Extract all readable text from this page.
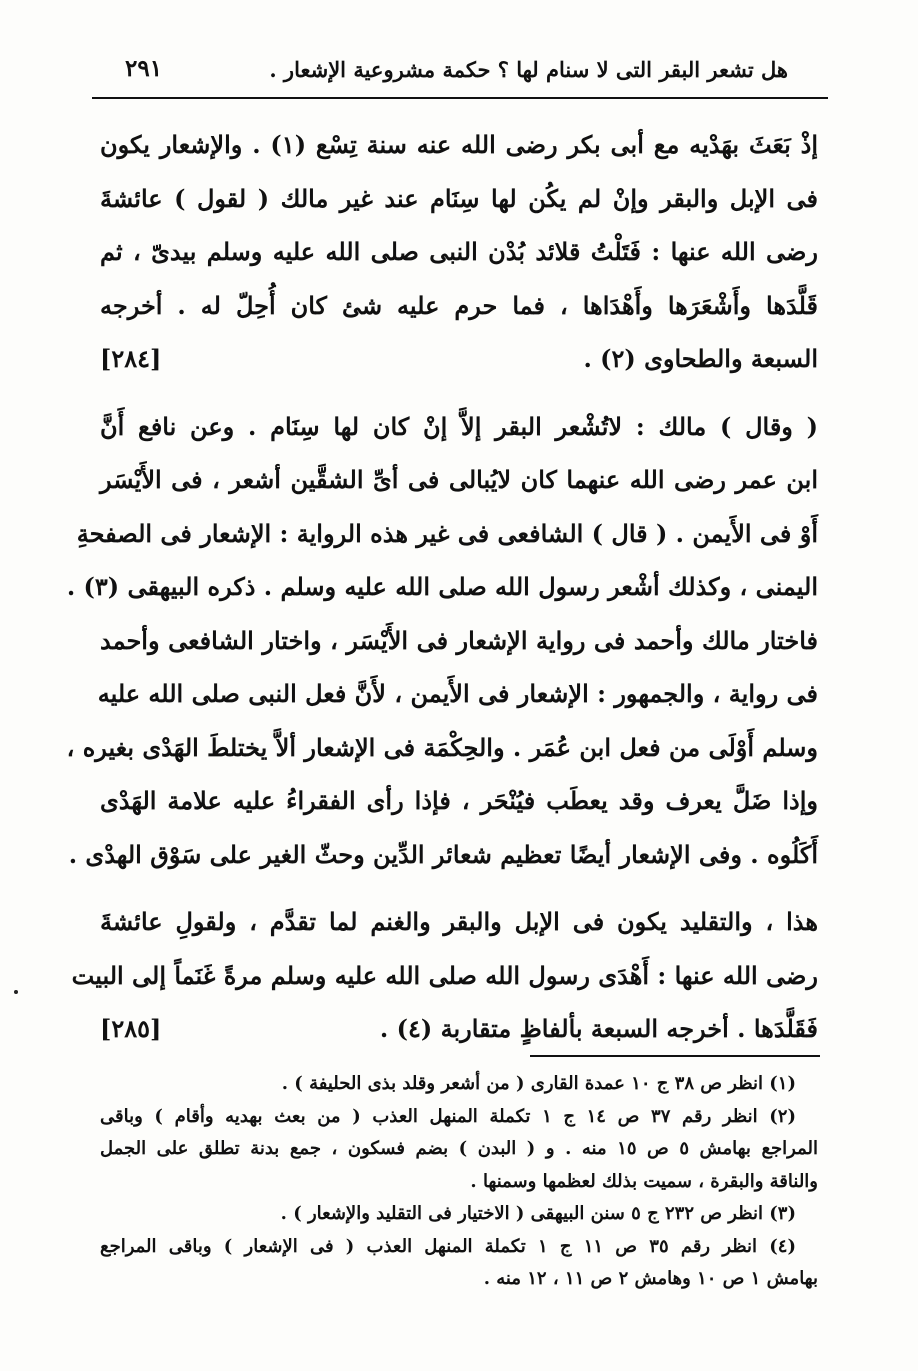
هل تشعر البقر التى لا سنام لها ؟ حكمة مشروعية الإشعار .
٢٩١

إذْ بَعَثَ بهَدْيه مع أبى بكر رضى الله عنه سنة تِسْع (١) . والإشعار يكون
فى الإبل والبقر وإنْ لم يكُن لها سِنَام عند غير مالك ( لقول ) عائشةَ
رضى الله عنها : فَتَلْتُ قلائد بُدْن النبى صلى الله عليه وسلم بيدىّ ، ثم
قَلَّدَها وأَشْعَرَها وأَهْدَاها ، فما حرم عليه شئ كان أُحِلّ له . أخرجه
السبعة والطحاوى (٢) .
[٢٨٤]

( وقال ) مالك : لاتُشْعر البقر إلاَّ إنْ كان لها سِنَام . وعن نافع أَنَّ
ابن عمر رضى الله عنهما كان لايُبالى فى أىِّ الشقَّين أشعر ، فى الأَيْسَر
أَوْ فى الأَيمن . ( قال ) الشافعى فى غير هذه الرواية : الإشعار فى الصفحةِ
اليمنى ، وكذلك أشْعر رسول الله صلى الله عليه وسلم . ذكره البيهقى (٣) .
فاختار مالك وأحمد فى رواية الإشعار فى الأَيْسَر ، واختار الشافعى وأحمد
فى رواية ، والجمهور : الإشعار فى الأَيمن ، لأَنَّ فعل النبى صلى الله عليه
وسلم أَوْلَى من فعل ابن عُمَر . والحِكْمَة فى الإشعار ألاَّ يختلطَ الهَدْى بغيره ،
وإذا ضَلَّ يعرف وقد يعطَب فيُنْحَر ، فإذا رأى الفقراءُ عليه علامة الهَدْى
أَكَلُوه . وفى الإشعار أيضًا تعظيم شعائر الدِّين وحثّ الغير على سَوْق الهدْى .

هذا ، والتقليد يكون فى الإبل والبقر والغنم لما تقدَّم ، ولقولِ عائشةَ
رضى الله عنها : أَهْدَى رسول الله صلى الله عليه وسلم مرةً غَنَماً إلى البيت
فَقَلَّدَها . أخرجه السبعة بألفاظٍ متقاربة (٤) .
[٢٨٥]

(١) انظر ص ٣٨ ج ١٠ عمدة القارى ( من أشعر وقلد بذى الحليفة ) .
(٢) انظر رقم ٣٧ ص ١٤ ج ١ تكملة المنهل العذب ( من بعث بهديه وأقام ) وباقى
المراجع بهامش ٥ ص ١٥ منه . و ( البدن ) بضم فسكون ، جمع بدنة تطلق على الجمل
والناقة والبقرة ، سميت بذلك لعظمها وسمنها .
(٣) انظر ص ٢٣٢ ج ٥ سنن البيهقى ( الاختيار فى التقليد والإشعار ) .
(٤) انظر رقم ٣٥ ص ١١ ج ١ تكملة المنهل العذب ( فى الإشعار ) وباقى المراجع
بهامش ١ ص ١٠ وهامش ٢ ص ١١ ، ١٢ منه .
